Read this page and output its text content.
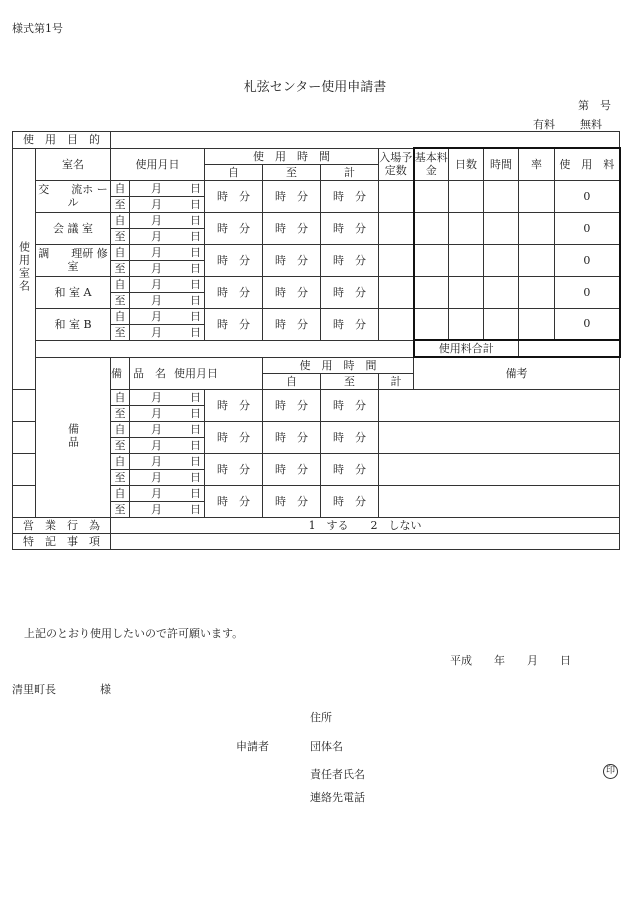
様式第1号
札弦センター使用申請書
第　号
有料 無料
使　用　目　的													
使用室名	室名	使用月日		使　用　時　間			入場予定数	基本料金	日数	時間	率	使　用　料	
				自	至	計							
	交　　流ホ ー ル	自	月 日	時　分	時　分	時　分						0	
		至	月 日										
	会 議 室	自	月 日	時　分	時　分	時　分						0	
		至	月 日										
	調　　理研 修 室	自	月 日	時　分	時　分	時　分						0	
		至	月 日										
	和 室 A	自	月 日	時　分	時　分	時　分						0	
		至	月 日										
	和 室 B	自	月 日	時　分	時　分	時　分						0	
		至	月 日										
								使用料合計		
	備品	備　品　名	使用月日		使　用　時　間			備考					
					自	至	計						
		自	月 日	時　分	時　分	時　分							
		至	月 日										
		自	月 日	時　分	時　分	時　分							
		至	月 日										
		自	月 日	時　分	時　分	時　分							
		至	月 日										
		自	月 日	時　分	時　分	時　分							
		至	月 日										
営　業　行　為		1　する　　2　しない											
特　記　事　項													
上記のとおり使用したいので許可願います。
平成　　年　　月　　日
清里町長　　　　様
住所
申請者	団体名
責任者氏名	印
連絡先電話
